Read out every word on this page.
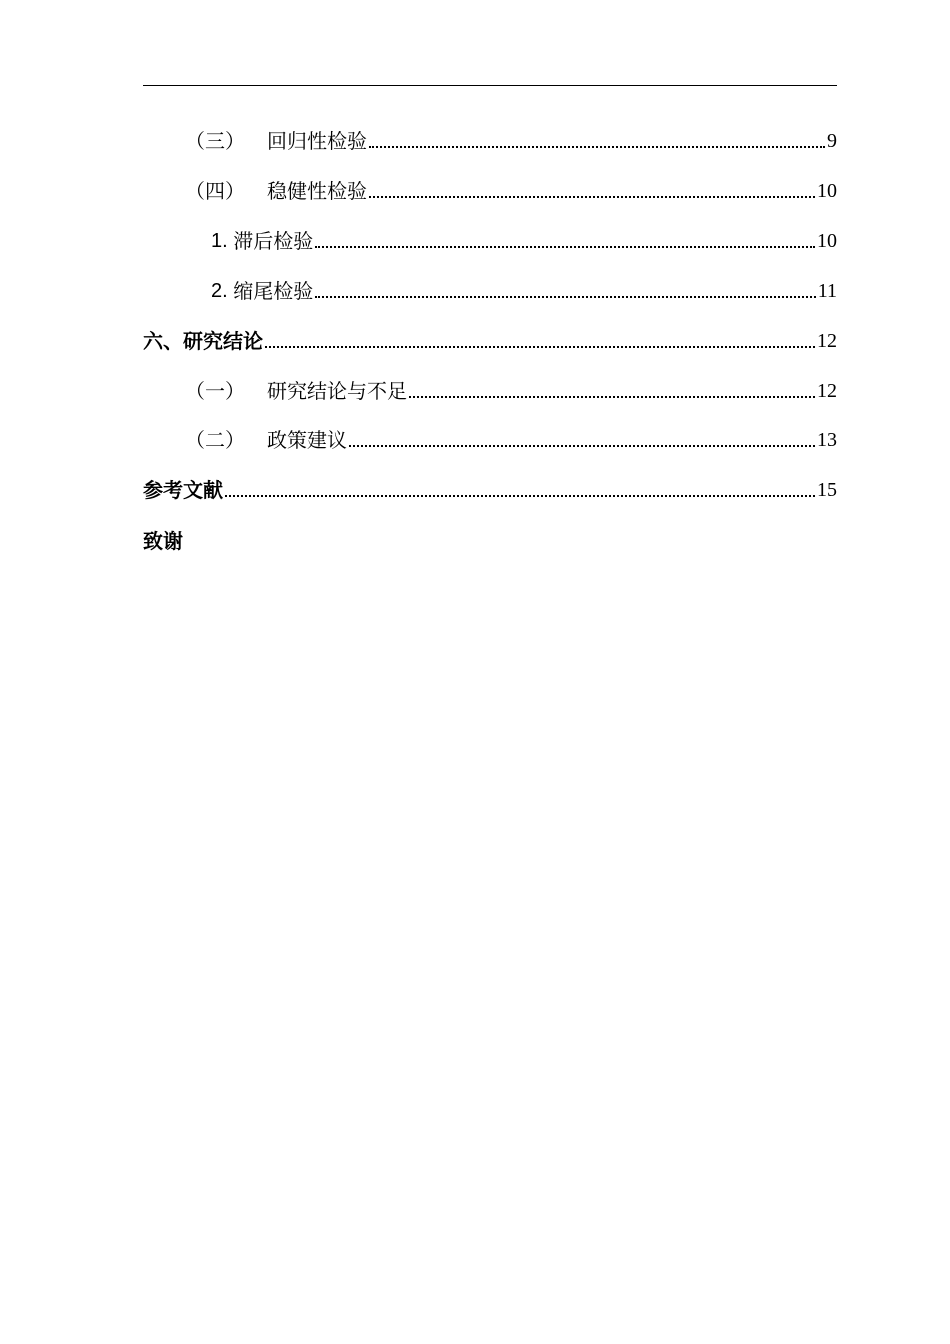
（三） 回归性检验	9
（四） 稳健性检验	10
1. 滞后检验	10
2. 缩尾检验	11
六、研究结论	12
（一） 研究结论与不足	12
（二） 政策建议	13
参考文献	15
致谢
